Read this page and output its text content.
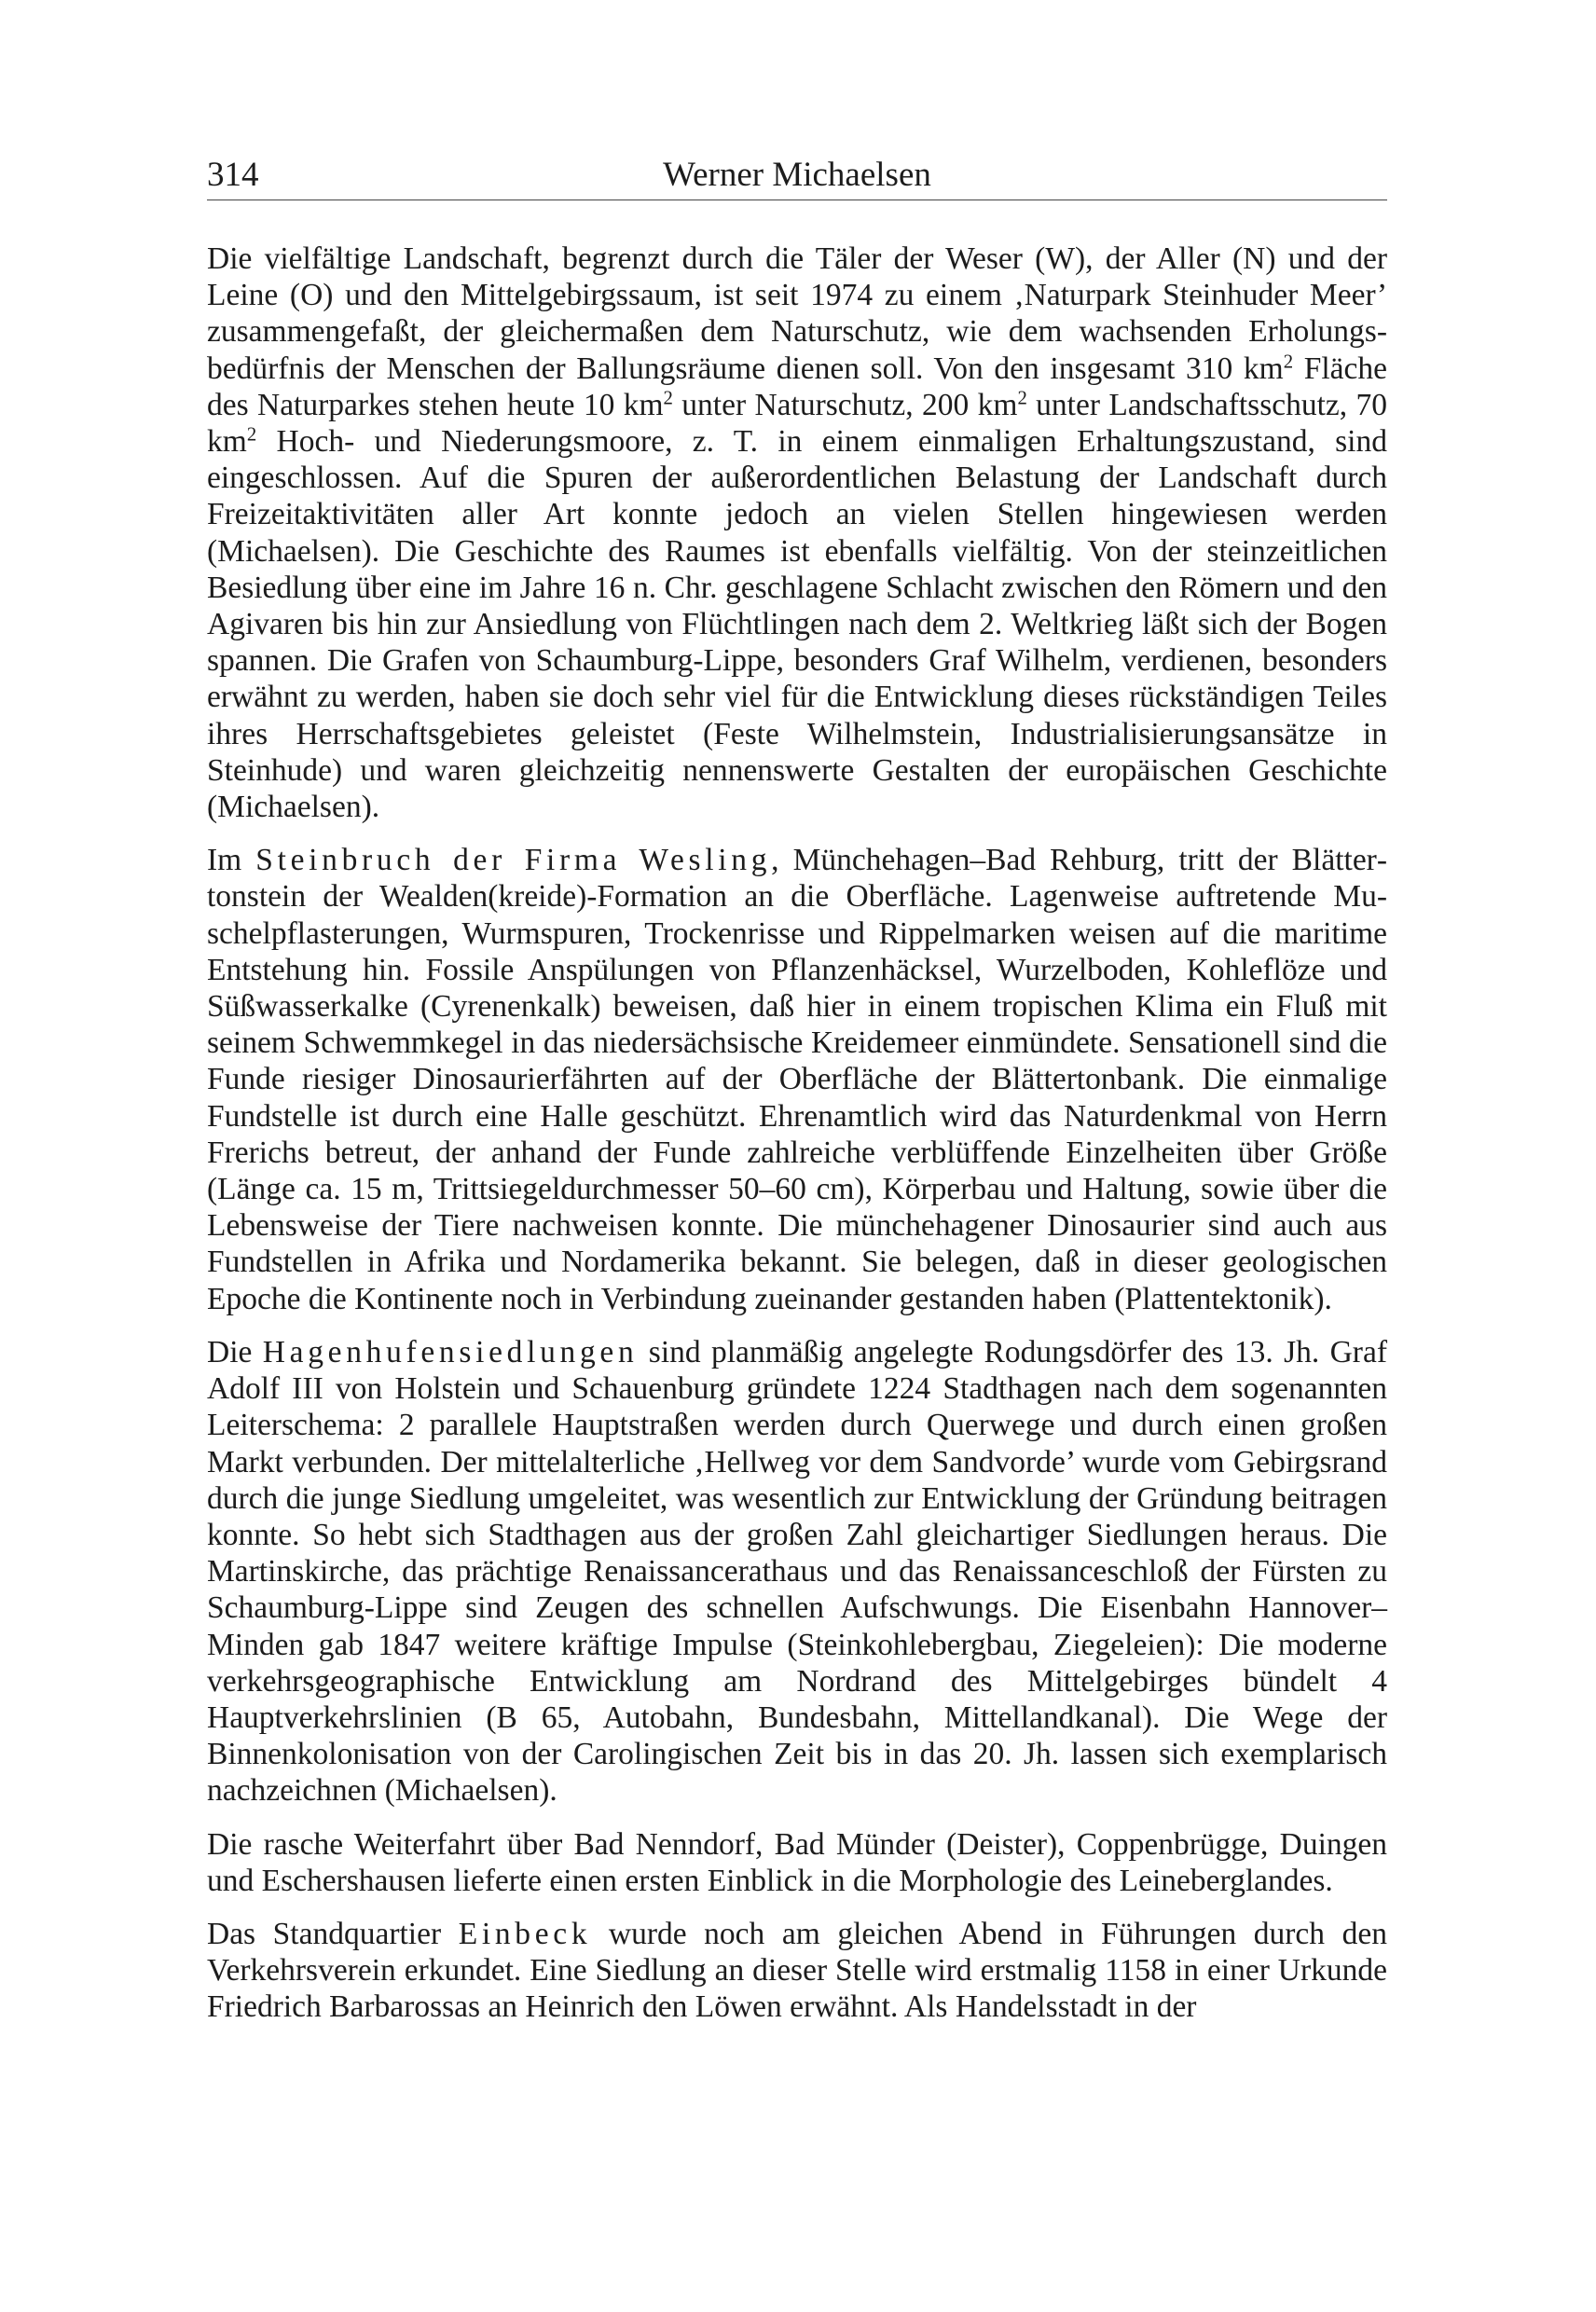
314	Werner Michaelsen

Die vielfältige Landschaft, begrenzt durch die Täler der Weser (W), der Aller (N) und der Leine (O) und den Mittelgebirgssaum, ist seit 1974 zu einem ‚Naturpark Steinhuder Meer’ zusammengefaßt, der gleichermaßen dem Naturschutz, wie dem wachsenden Erholungsbedürfnis der Menschen der Ballungsräume dienen soll. Von den insgesamt 310 $km^2$ Fläche des Naturparkes stehen heute 10 $km^2$ unter Naturschutz, 200 $km^2$ unter Landschaftsschutz, 70 $km^2$ Hoch- und Niederungsmoore, z. T. in einem einmaligen Erhaltungszustand, sind eingeschlossen. Auf die Spuren der außerordentlichen Belastung der Landschaft durch Freizeitaktivitäten aller Art konnte jedoch an vielen Stellen hingewiesen werden (Michaelsen). Die Geschichte des Raumes ist ebenfalls vielfältig. Von der steinzeitlichen Besiedlung über eine im Jahre 16 n. Chr. geschlagene Schlacht zwischen den Römern und den Agivaren bis hin zur Ansiedlung von Flüchtlingen nach dem 2. Weltkrieg läßt sich der Bogen spannen. Die Grafen von Schaumburg-Lippe, besonders Graf Wilhelm, verdienen, besonders erwähnt zu werden, haben sie doch sehr viel für die Entwicklung dieses rückständigen Teiles ihres Herrschaftsgebietes geleistet (Feste Wilhelmstein, Industrialisierungsansätze in Steinhude) und waren gleichzeitig nennenswerte Gestalten der europäischen Geschichte (Michaelsen).

Im Steinbruch der Firma Wesling, Münchehagen–Bad Rehburg, tritt der Blättertonstein der Wealden(kreide)-Formation an die Oberfläche. Lagenweise auftretende Muschelpflasterungen, Wurmspuren, Trockenrisse und Rippelmarken weisen auf die maritime Entstehung hin. Fossile Anspülungen von Pflanzenhäcksel, Wurzelboden, Kohleflöze und Süßwasserkalke (Cyrenenkalk) beweisen, daß hier in einem tropischen Klima ein Fluß mit seinem Schwemmkegel in das niedersächsische Kreidemeer einmündete. Sensationell sind die Funde riesiger Dinosaurierfährten auf der Oberfläche der Blättertonbank. Die einmalige Fundstelle ist durch eine Halle geschützt. Ehrenamtlich wird das Naturdenkmal von Herrn Frerichs betreut, der anhand der Funde zahlreiche verblüffende Einzelheiten über Größe (Länge ca. 15 m, Trittsiegeldurchmesser 50–60 cm), Körperbau und Haltung, sowie über die Lebensweise der Tiere nachweisen konnte. Die münchehagener Dinosaurier sind auch aus Fundstellen in Afrika und Nordamerika bekannt. Sie belegen, daß in dieser geologischen Epoche die Kontinente noch in Verbindung zueinander gestanden haben (Plattentektonik).

Die Hagenhufensiedlungen sind planmäßig angelegte Rodungsdörfer des 13. Jh. Graf Adolf III von Holstein und Schauenburg gründete 1224 Stadthagen nach dem sogenannten Leiterschema: 2 parallele Hauptstraßen werden durch Querwege und durch einen großen Markt verbunden. Der mittelalterliche ‚Hellweg vor dem Sandvorde’ wurde vom Gebirgsrand durch die junge Siedlung umgeleitet, was wesentlich zur Entwicklung der Gründung beitragen konnte. So hebt sich Stadthagen aus der großen Zahl gleichartiger Siedlungen heraus. Die Martinskirche, das prächtige Renaissancerathaus und das Renaissanceschloß der Fürsten zu Schaumburg-Lippe sind Zeugen des schnellen Aufschwungs. Die Eisenbahn Hannover–Minden gab 1847 weitere kräftige Impulse (Steinkohlebergbau, Ziegeleien): Die moderne verkehrsgeographische Entwicklung am Nordrand des Mittelgebirges bündelt 4 Hauptverkehrslinien (B 65, Autobahn, Bundesbahn, Mittellandkanal). Die Wege der Binnenkolonisation von der Carolingischen Zeit bis in das 20. Jh. lassen sich exemplarisch nachzeichnen (Michaelsen).

Die rasche Weiterfahrt über Bad Nenndorf, Bad Münder (Deister), Coppenbrügge, Duingen und Eschershausen lieferte einen ersten Einblick in die Morphologie des Leineberglandes.

Das Standquartier Einbeck wurde noch am gleichen Abend in Führungen durch den Verkehrsverein erkundet. Eine Siedlung an dieser Stelle wird erstmalig 1158 in einer Urkunde Friedrich Barbarossas an Heinrich den Löwen erwähnt. Als Handelsstadt in der
